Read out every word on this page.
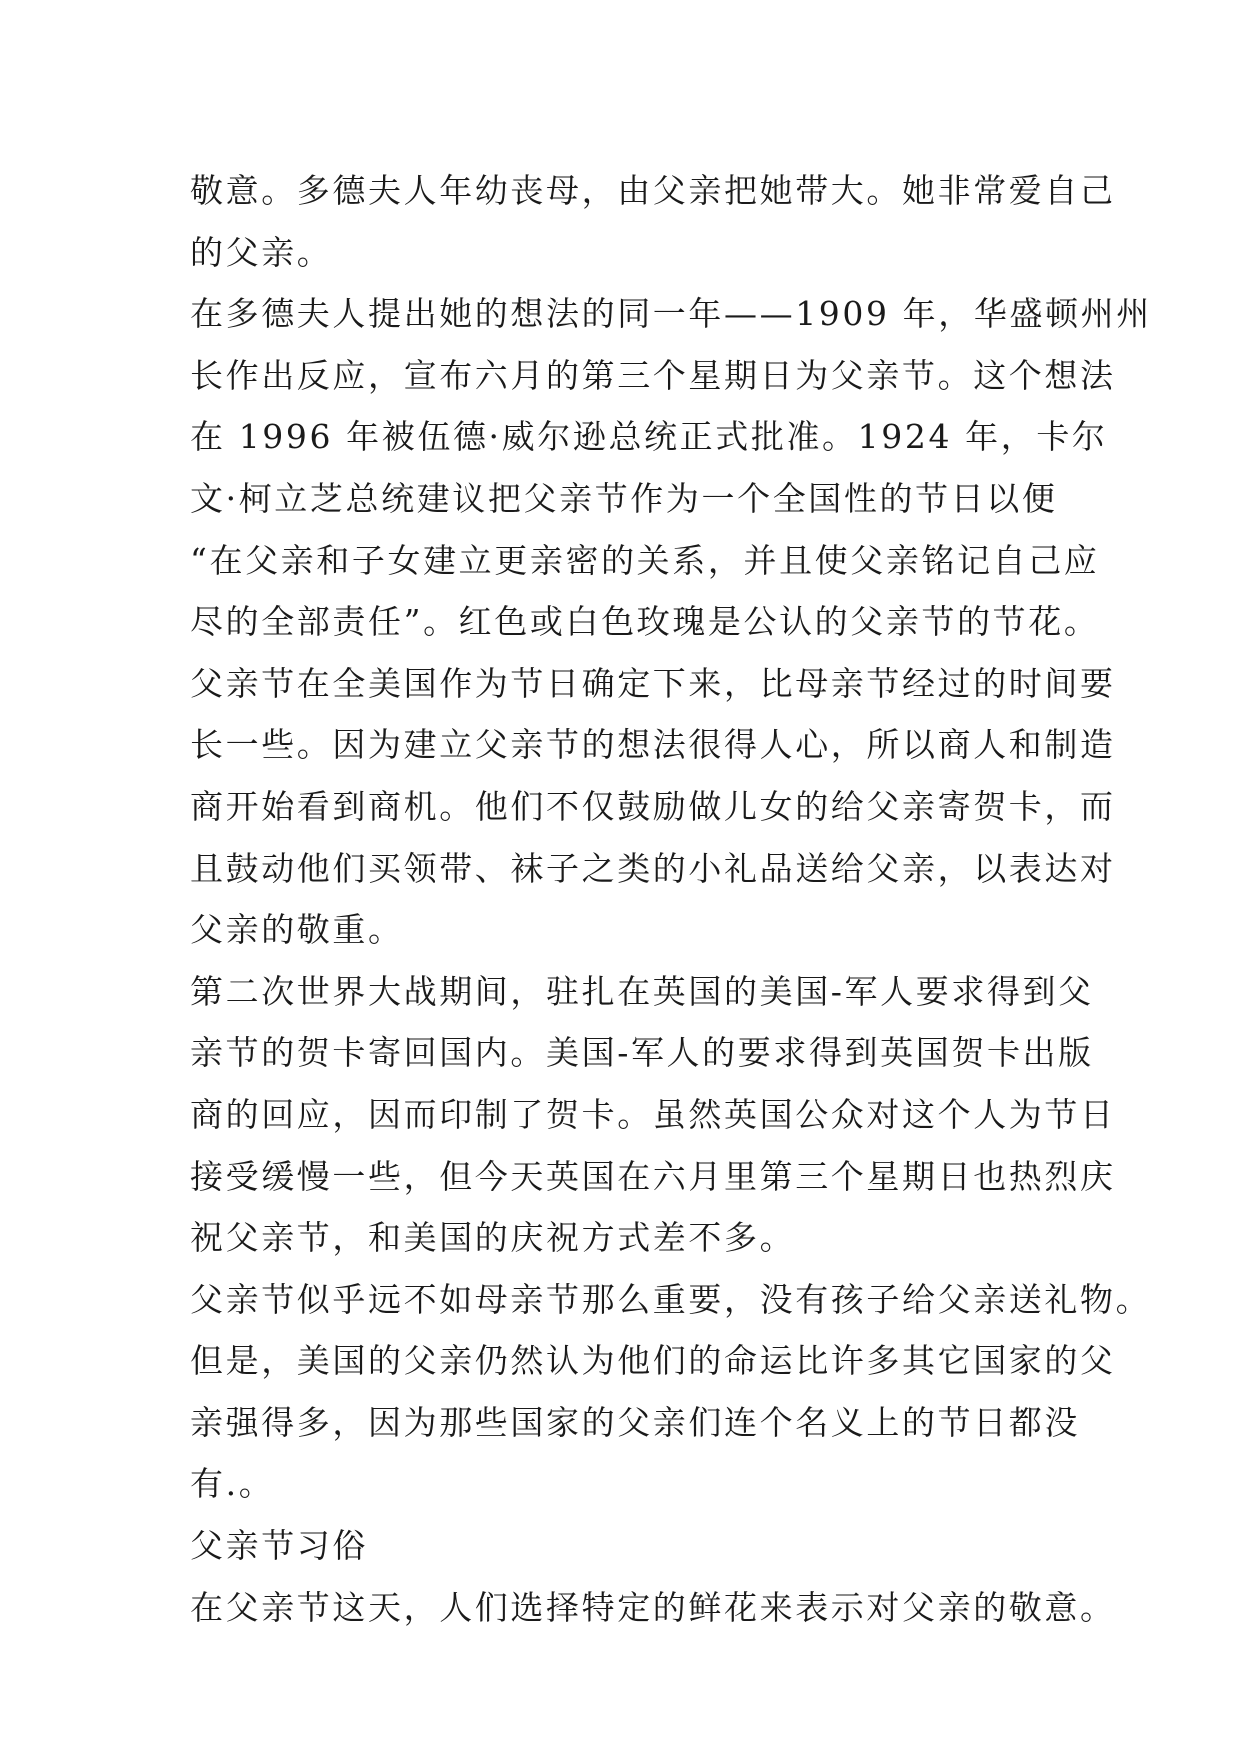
敬意。多德夫人年幼丧母，由父亲把她带大。她非常爱自己
的父亲。
在多德夫人提出她的想法的同一年——1909 年，华盛顿州州
长作出反应，宣布六月的第三个星期日为父亲节。这个想法
在 1996 年被伍德·威尔逊总统正式批准。1924 年，卡尔
文·柯立芝总统建议把父亲节作为一个全国性的节日以便
“在父亲和子女建立更亲密的关系，并且使父亲铭记自己应
尽的全部责任”。红色或白色玫瑰是公认的父亲节的节花。
父亲节在全美国作为节日确定下来，比母亲节经过的时间要
长一些。因为建立父亲节的想法很得人心，所以商人和制造
商开始看到商机。他们不仅鼓励做儿女的给父亲寄贺卡，而
且鼓动他们买领带、袜子之类的小礼品送给父亲，以表达对
父亲的敬重。
第二次世界大战期间，驻扎在英国的美国-军人要求得到父
亲节的贺卡寄回国内。美国-军人的要求得到英国贺卡出版
商的回应，因而印制了贺卡。虽然英国公众对这个人为节日
接受缓慢一些，但今天英国在六月里第三个星期日也热烈庆
祝父亲节，和美国的庆祝方式差不多。
父亲节似乎远不如母亲节那么重要，没有孩子给父亲送礼物。
但是，美国的父亲仍然认为他们的命运比许多其它国家的父
亲强得多，因为那些国家的父亲们连个名义上的节日都没
有.。
父亲节习俗
在父亲节这天，人们选择特定的鲜花来表示对父亲的敬意。
